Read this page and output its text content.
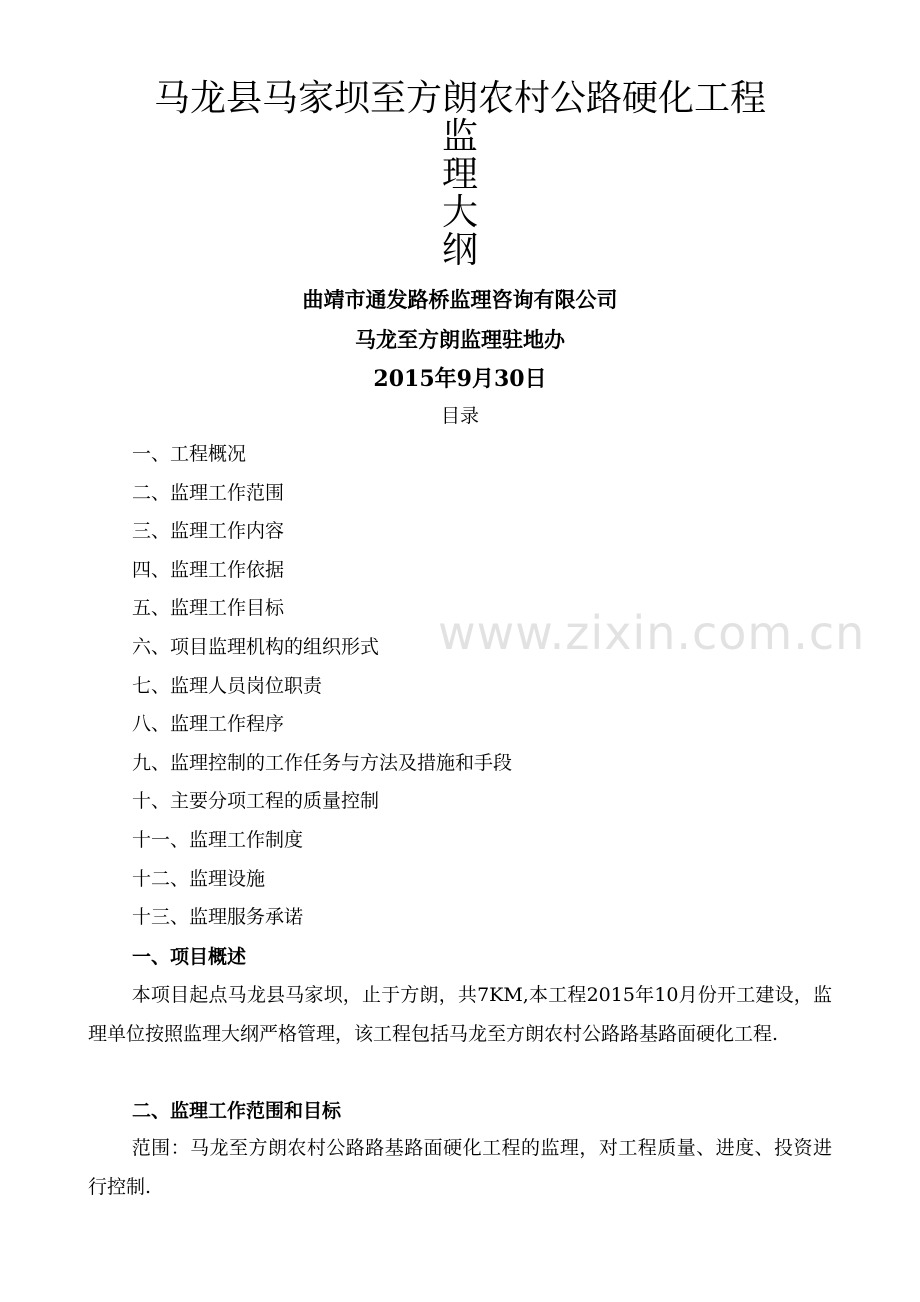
马龙县马家坝至方朗农村公路硬化工程
监
理
大
纲
曲靖市通发路桥监理咨询有限公司
马龙至方朗监理驻地办
2015年9月30日
目录
一、工程概况
二、监理工作范围
三、监理工作内容
四、监理工作依据
五、监理工作目标
六、项目监理机构的组织形式
七、监理人员岗位职责
八、监理工作程序
九、监理控制的工作任务与方法及措施和手段
十、主要分项工程的质量控制
十一、监理工作制度
十二、监理设施
十三、监理服务承诺
www.zixin.com.cn
一、项目概述

本项目起点马龙县马家坝，止于方朗，共7KM,本工程2015年10月份开工建设，监理单位按照监理大纲严格管理，该工程包括马龙至方朗农村公路路基路面硬化工程.

二、监理工作范围和目标

范围：马龙至方朗农村公路路基路面硬化工程的监理，对工程质量、进度、投资进行控制.
